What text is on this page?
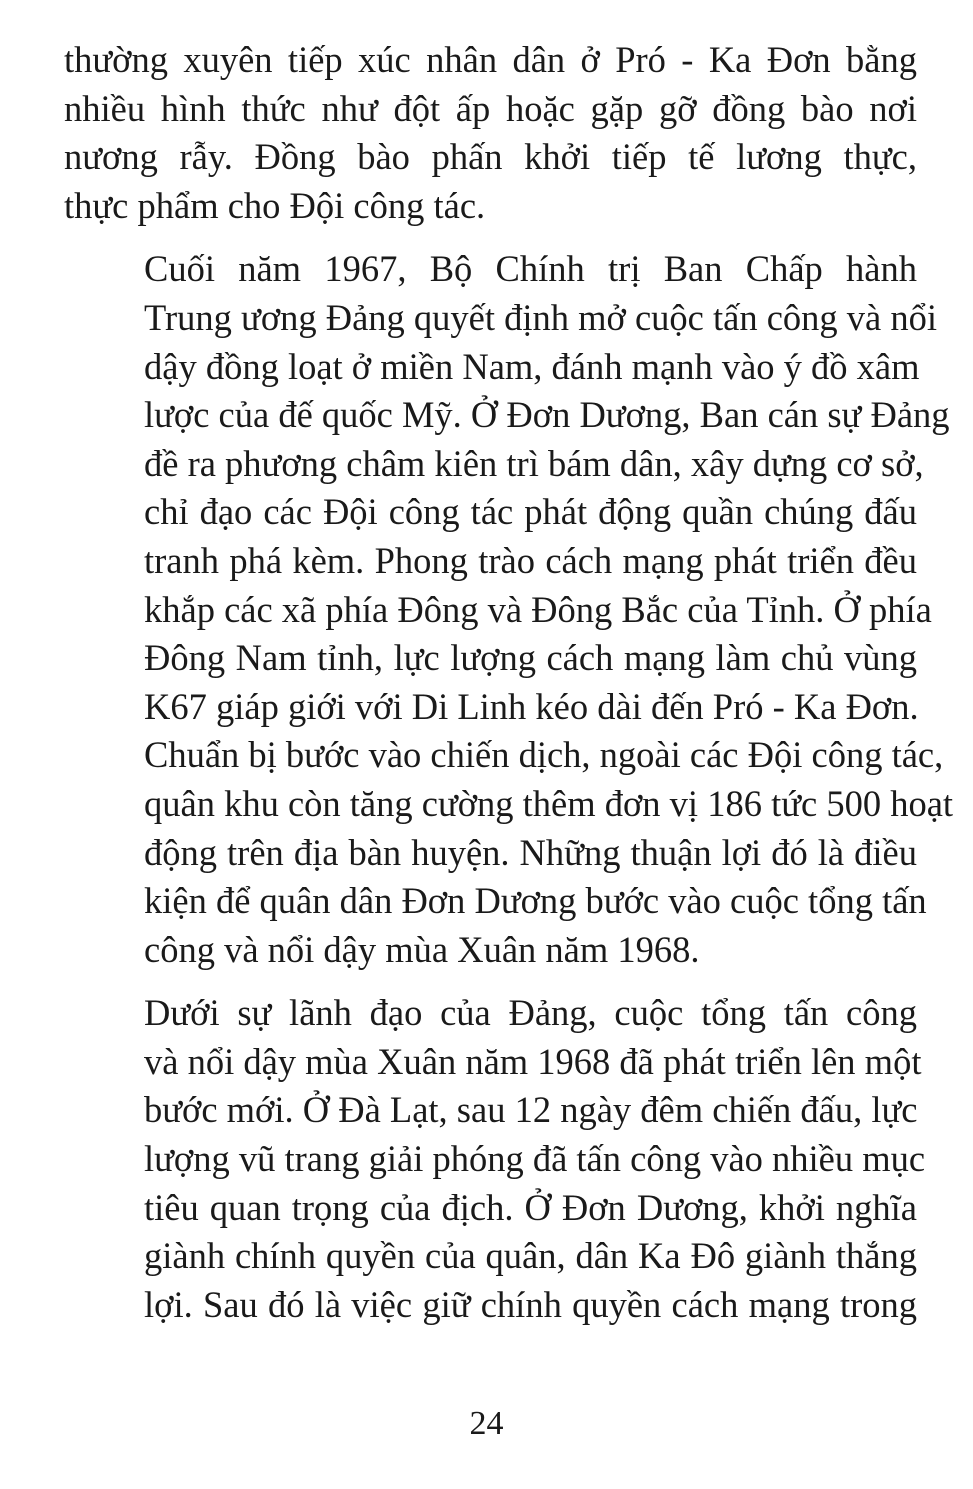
thường xuyên tiếp xúc nhân dân ở Pró - Ka Đơn bằng
nhiều hình thức như đột ấp hoặc gặp gỡ đồng bào nơi
nương rẫy. Đồng bào phấn khởi tiếp tế lương thực,
thực phẩm cho Đội công tác.

Cuối năm 1967, Bộ Chính trị Ban Chấp hành
Trung ương Đảng quyết định mở cuộc tấn công và nổi
dậy đồng loạt ở miền Nam, đánh mạnh vào ý đồ xâm
lược của đế quốc Mỹ. Ở Đơn Dương, Ban cán sự Đảng
đề ra phương châm kiên trì bám dân, xây dựng cơ sở,
chỉ đạo các Đội công tác phát động quần chúng đấu
tranh phá kèm. Phong trào cách mạng phát triển đều
khắp các xã phía Đông và Đông Bắc của Tỉnh. Ở phía
Đông Nam tỉnh, lực lượng cách mạng làm chủ vùng
K67 giáp giới với Di Linh kéo dài đến Pró - Ka Đơn.
Chuẩn bị bước vào chiến dịch, ngoài các Đội công tác,
quân khu còn tăng cường thêm đơn vị 186 tức 500 hoạt
động trên địa bàn huyện. Những thuận lợi đó là điều
kiện để quân dân Đơn Dương bước vào cuộc tổng tấn
công và nổi dậy mùa Xuân năm 1968.

Dưới sự lãnh đạo của Đảng, cuộc tổng tấn công
và nổi dậy mùa Xuân năm 1968 đã phát triển lên một
bước mới. Ở Đà Lạt, sau 12 ngày đêm chiến đấu, lực
lượng vũ trang giải phóng đã tấn công vào nhiều mục
tiêu quan trọng của địch. Ở Đơn Dương, khởi nghĩa
giành chính quyền của quân, dân Ka Đô giành thắng
lợi. Sau đó là việc giữ chính quyền cách mạng trong

24
